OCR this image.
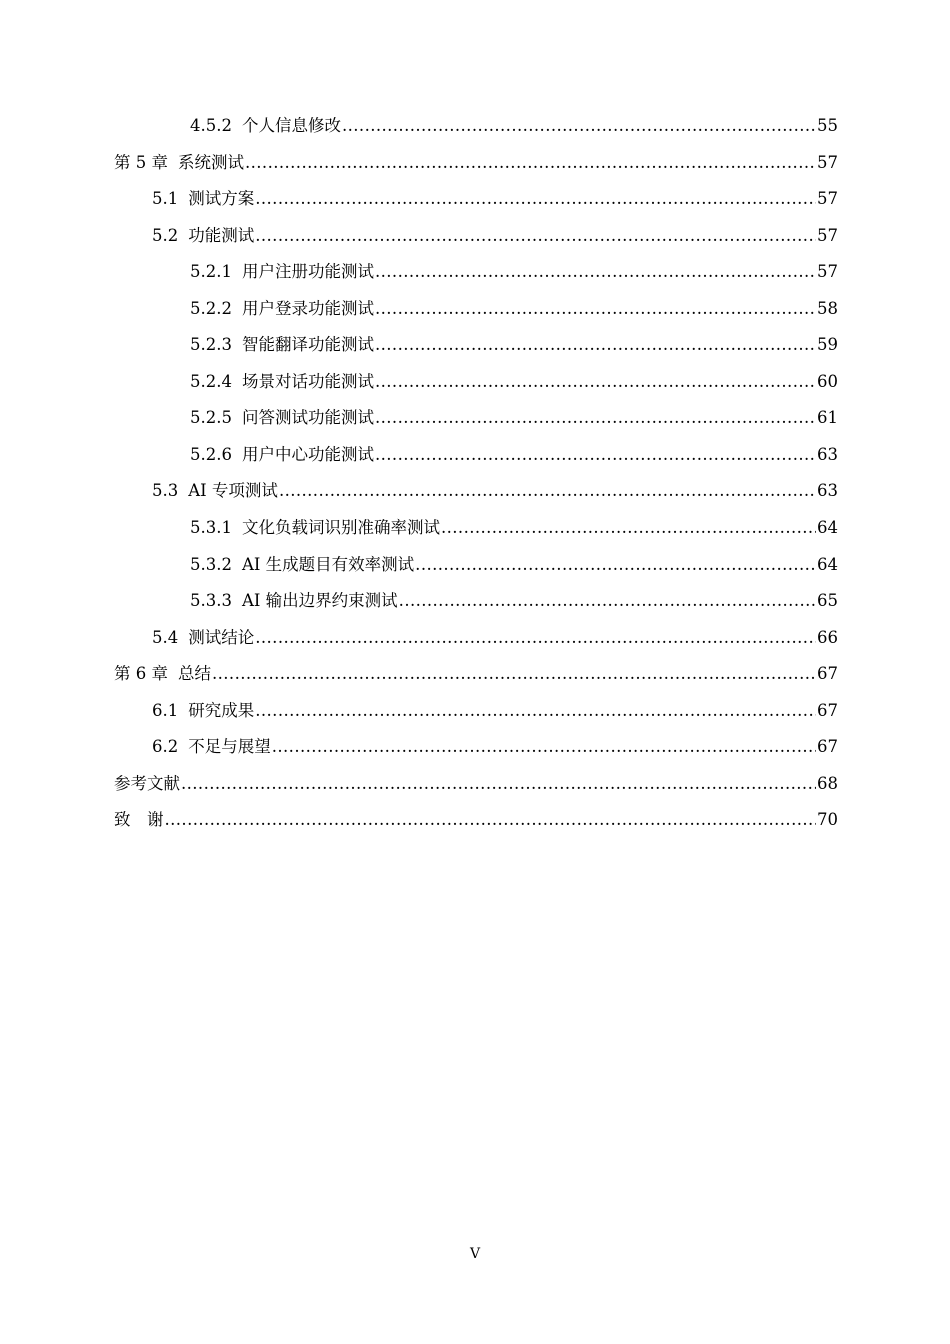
4.5.2 个人信息修改 .....	55
第 5 章 系统测试 .....	57
5.1 测试方案 .....	57
5.2 功能测试 .....	57
5.2.1 用户注册功能测试 .....	57
5.2.2 用户登录功能测试 .....	58
5.2.3 智能翻译功能测试 .....	59
5.2.4 场景对话功能测试 .....	60
5.2.5 问答测试功能测试 .....	61
5.2.6 用户中心功能测试 .....	63
5.3 AI 专项测试 .....	63
5.3.1 文化负载词识别准确率测试 .....	64
5.3.2 AI 生成题目有效率测试 .....	64
5.3.3 AI 输出边界约束测试 .....	65
5.4 测试结论 .....	66
第 6 章 总结 .....	67
6.1 研究成果 .....	67
6.2 不足与展望 .....	67
参考文献 .....	68
致　谢 .....	70
V
